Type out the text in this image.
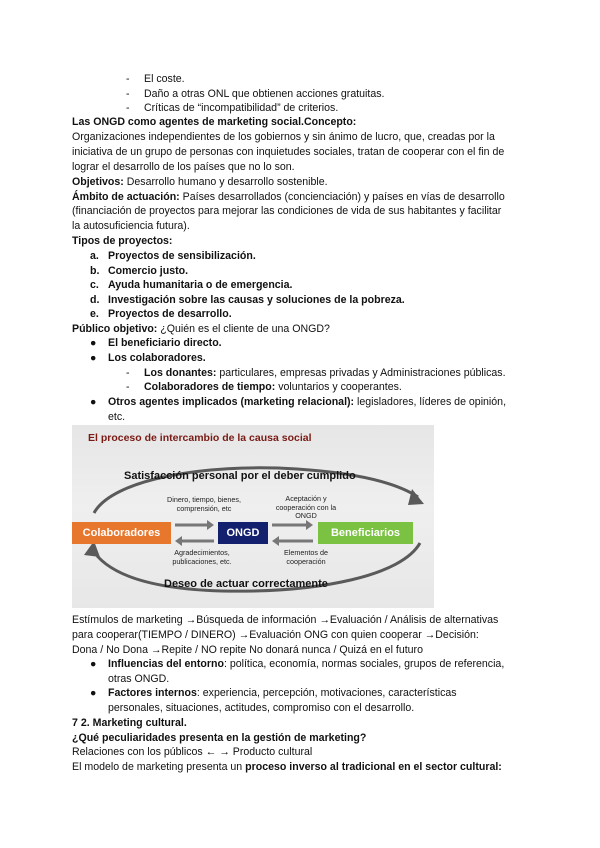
- El coste.
- Daño a otras ONL que obtienen acciones gratuitas.
- Críticas de “incompatibilidad” de criterios.
Las ONGD como agentes de marketing social.Concepto:
Organizaciones independientes de los gobiernos y sin ánimo de lucro, que, creadas por la
iniciativa de un grupo de personas con inquietudes sociales, tratan de cooperar con el fin de
lograr el desarrollo de los países que no lo son.
Objetivos: Desarrollo humano y desarrollo sostenible.
Ámbito de actuación: Países desarrollados (concienciación) y países en vías de desarrollo
(financiación de proyectos para mejorar las condiciones de vida de sus habitantes y facilitar
la autosuficiencia futura).
Tipos de proyectos:
a. Proyectos de sensibilización.
b. Comercio justo.
c. Ayuda humanitaria o de emergencia.
d. Investigación sobre las causas y soluciones de la pobreza.
e. Proyectos de desarrollo.
Público objetivo: ¿Quién es el cliente de una ONGD?
● El beneficiario directo.
● Los colaboradores.
- Los donantes: particulares, empresas privadas y Administraciones públicas.
- Colaboradores de tiempo: voluntarios y cooperantes.
● Otros agentes implicados (marketing relacional): legisladores, líderes de opinión,
etc.
El proceso de intercambio de la causa social
Satisfacción personal por el deber cumplido
Deseo de actuar correctamente
Colaboradores	ONGD	Beneficiarios
Dinero, tiempo, bienes, comprensión, etc
Agradecimientos, publicaciones, etc.
Aceptación y cooperación con la ONGD
Elementos de cooperación
Estímulos de marketing →Búsqueda de información →Evaluación / Análisis de alternativas
para cooperar(TIEMPO / DINERO) →Evaluación ONG con quien cooperar →Decisión:
Dona / No Dona →Repite / NO repite No donará nunca / Quizá en el futuro
● Influencias del entorno: política, economía, normas sociales, grupos de referencia,
otras ONGD.
● Factores internos: experiencia, percepción, motivaciones, características
personales, situaciones, actitudes, compromiso con el desarrollo.
7 2. Marketing cultural.
¿Qué peculiaridades presenta en la gestión de marketing?
Relaciones con los públicos ← → Producto cultural
El modelo de marketing presenta un proceso inverso al tradicional en el sector cultural:
